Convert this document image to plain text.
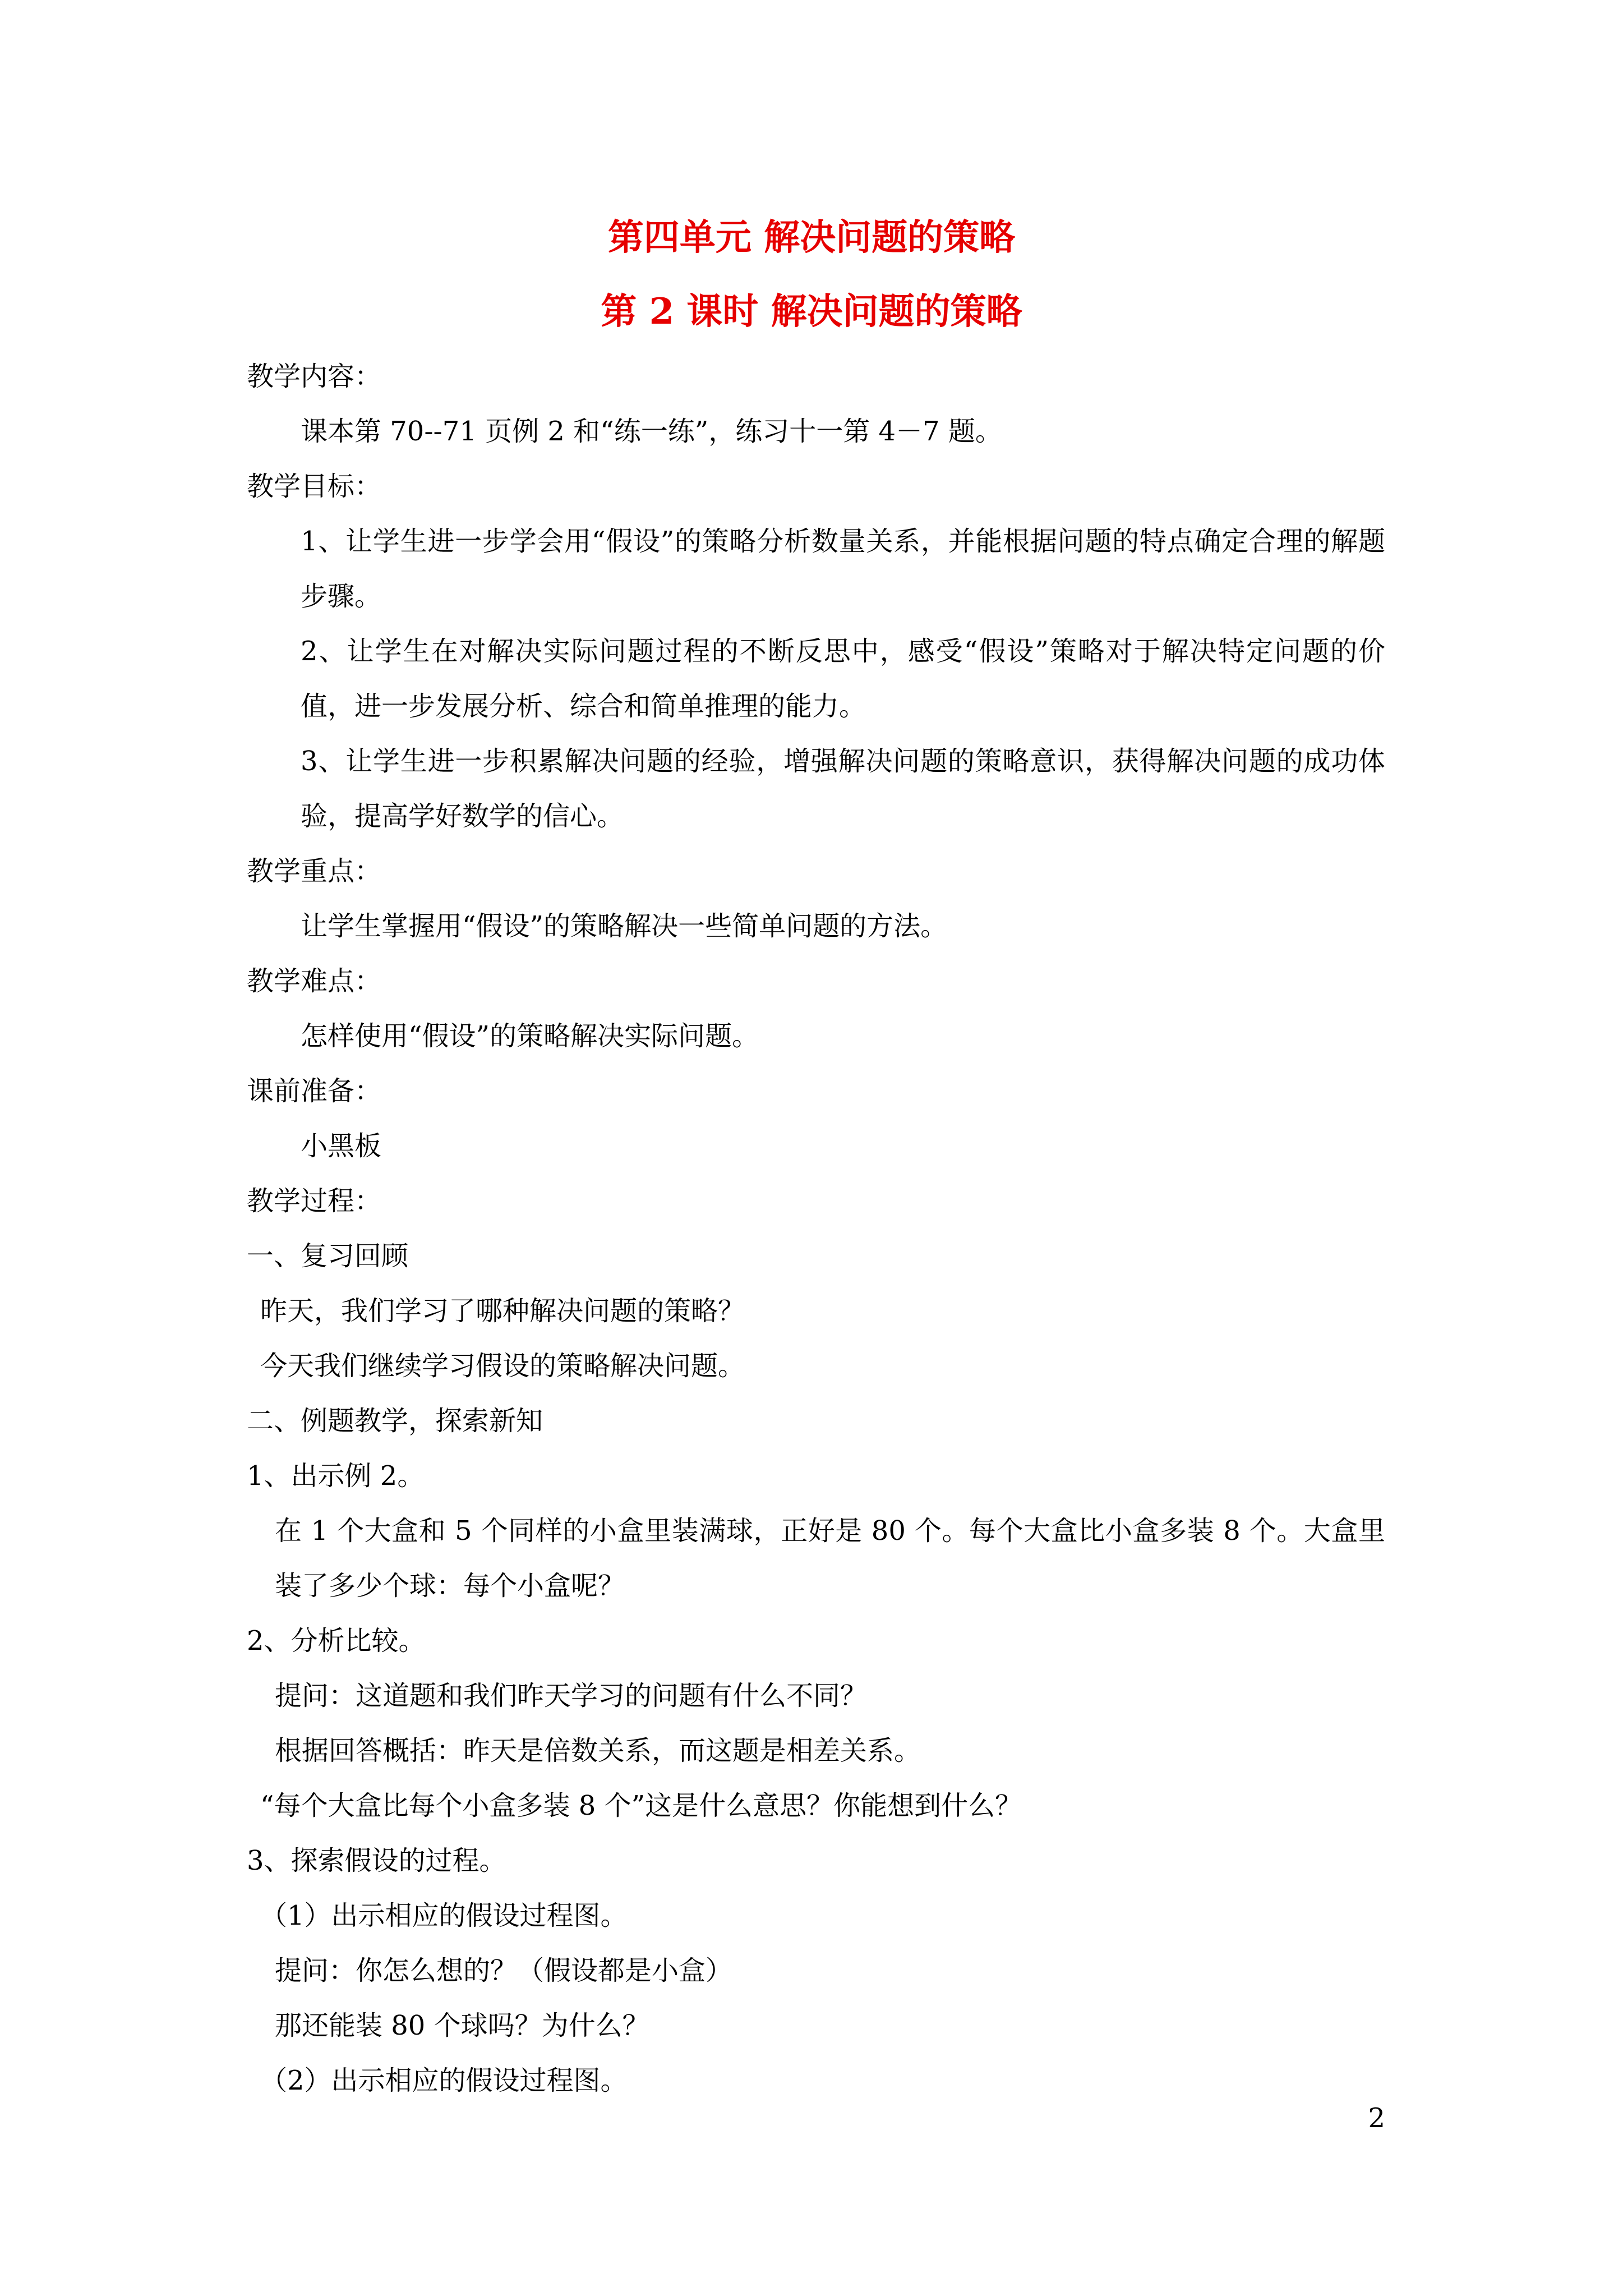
第四单元 解决问题的策略
第 2 课时 解决问题的策略
教学内容：
课本第 70--71 页例 2 和“练一练”，练习十一第 4－7 题。
教学目标：
1、让学生进一步学会用“假设”的策略分析数量关系，并能根据问题的特点确定合理的解题步骤。
2、让学生在对解决实际问题过程的不断反思中，感受“假设”策略对于解决特定问题的价值，进一步发展分析、综合和简单推理的能力。
3、让学生进一步积累解决问题的经验，增强解决问题的策略意识，获得解决问题的成功体验，提高学好数学的信心。
教学重点：
让学生掌握用“假设”的策略解决一些简单问题的方法。
教学难点：
怎样使用“假设”的策略解决实际问题。
课前准备：
小黑板
教学过程：
一、复习回顾
昨天，我们学习了哪种解决问题的策略？
今天我们继续学习假设的策略解决问题。
二、例题教学，探索新知
1、出示例 2。
在 1 个大盒和 5 个同样的小盒里装满球，正好是 80 个。每个大盒比小盒多装 8 个。大盒里装了多少个球：每个小盒呢？
2、分析比较。
提问：这道题和我们昨天学习的问题有什么不同？
根据回答概括：昨天是倍数关系，而这题是相差关系。
“每个大盒比每个小盒多装 8 个”这是什么意思？你能想到什么？
3、探索假设的过程。
（1）出示相应的假设过程图。
提问：你怎么想的？（假设都是小盒）
那还能装 80 个球吗？为什么？
（2）出示相应的假设过程图。
2
